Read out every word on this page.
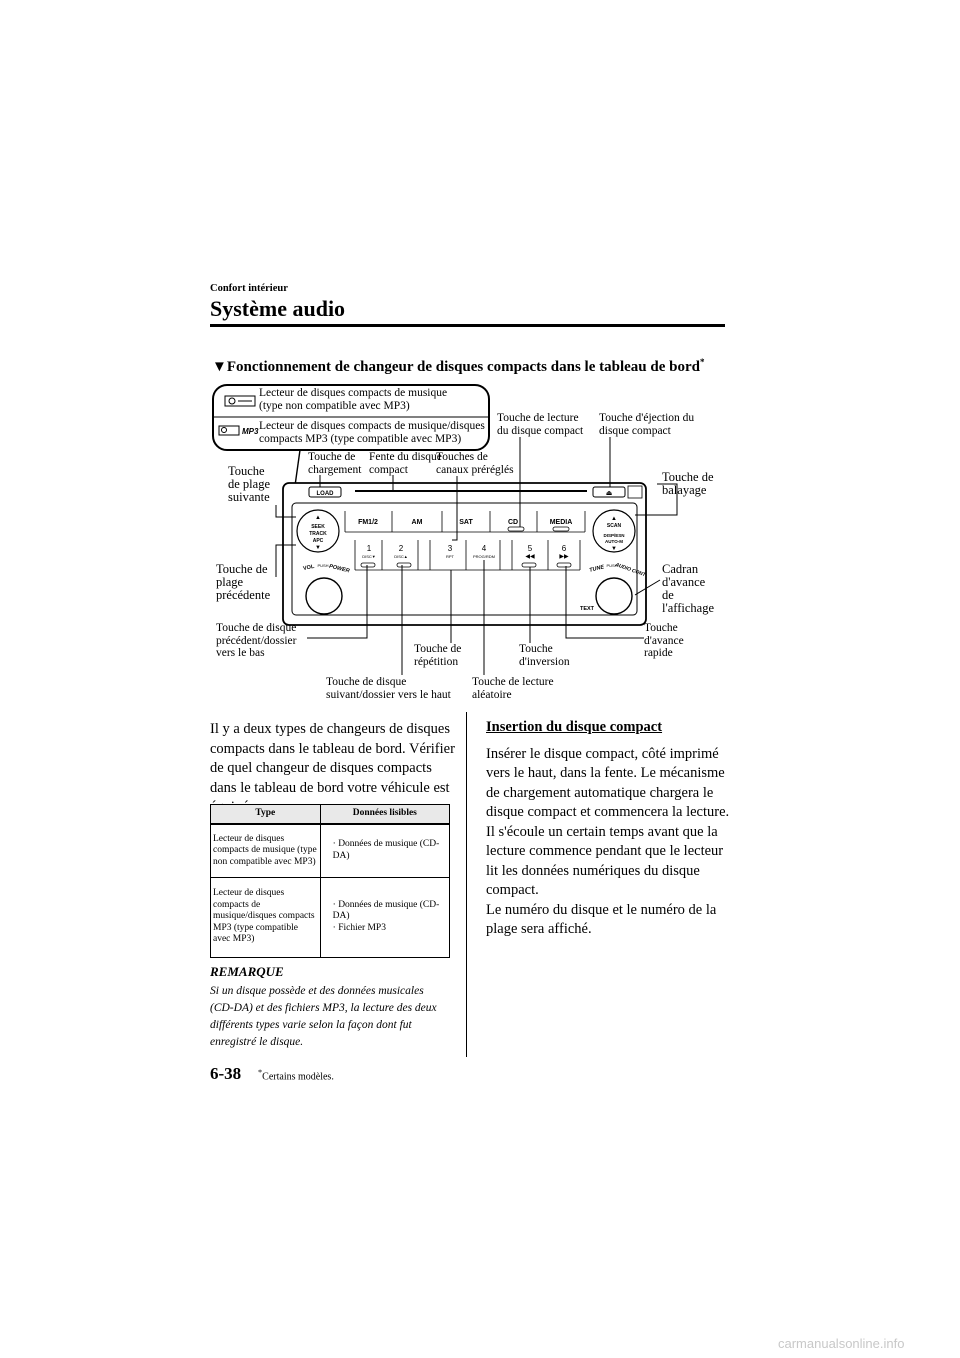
Confort intérieur
Système audio
▼Fonctionnement de changeur de disques compacts dans le tableau de bord*
MP3
LOAD	⏏
FM1/2	AM	SAT	CD	MEDIA
1
DISC▼
2
DISC▲
3
RPT
4
PROG/RDM
5
◀◀
6
▶▶
▲
SEEK
TRACK
APC
▼
VOL PUSH POWER
▲
SCAN
DISP/ESN
AUTO-M
▼
TUNE PUSH
AUDIO CONT
TEXT
Lecteur de disques compacts de musique
(type non compatible avec MP3)
Lecteur de disques compacts de musique/disques
compacts MP3 (type compatible avec MP3)
Touche de lecture
du disque compact
Touche d'éjection du
disque compact
Touche de
chargement
Fente du disque
compact
Touches de
canaux préréglés
Touche de
balayage
Touche
de plage
suivante
Touche de
plage
précédente
Cadran
d'avance
de
l'affichage
Touche de disque
précédent/dossier
vers le bas	Touche de
répétition
Touche
d'inversion
Touche
d'avance
rapide
Touche de disque
suivant/dossier vers le haut
Touche de lecture
aléatoire
Il y a deux types de changeurs de disques compacts dans le tableau de bord. Vérifier de quel changeur de disques compacts dans le tableau de bord votre véhicule est
Type	Données lisibles
Lecteur de disques compacts de musique (type non compatible avec MP3)	· Données de musique (CD-DA)

Lecteur de disques compacts de musique/disques compacts MP3 (type compatible avec MP3)	· Données de musique (CD-DA)
· Fichier MP3
REMARQUE
Si un disque possède et des données musicales (CD-DA) et des fichiers MP3, la lecture des deux différents types varie selon la façon dont fut enregistré le disque.
Insertion du disque compact

Insérer le disque compact, côté imprimé vers le haut, dans la fente. Le mécanisme de chargement automatique chargera le disque compact et commencera la lecture. Il s'écoule un certain temps avant que la lecture commence pendant que le lecteur lit les données numériques du disque compact.

Le numéro du disque et le numéro de la plage sera affiché.

6-38 *Certains modèles.
carmanualsonline.info
